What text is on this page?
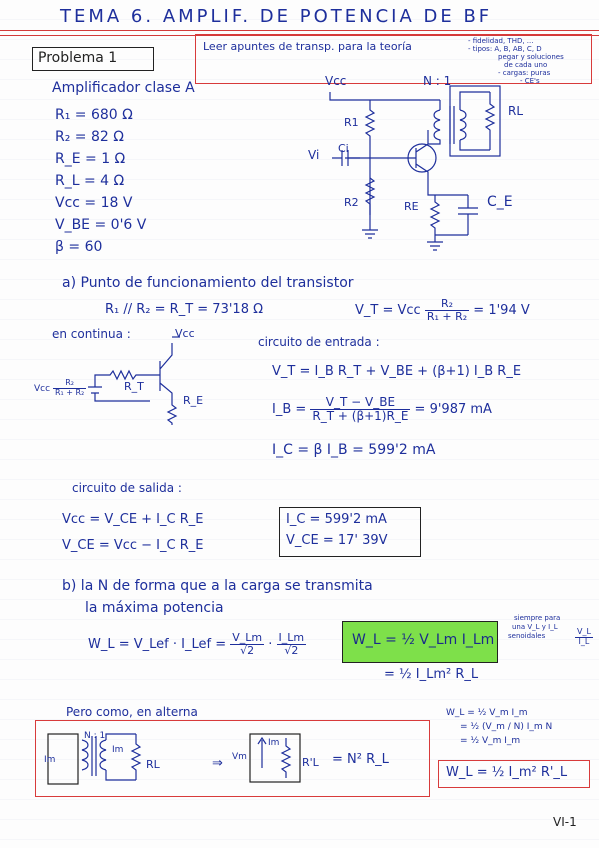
TEMA 6. AMPLIF. DE POTENCIA DE BF
Leer apuntes de transp. para la teoría	- fidelidad, THD, ...
- tipos: A, B, AB, C, D
pegar y soluciones
de cada uno
- cargas: puras
- CE's
Problema 1
Amplificador clase A
R₁ = 680 Ω
R₂ = 82 Ω
R_E = 1 Ω
R_L = 4 Ω
Vcc = 18 V
V_BE = 0'6 V
β = 60
Vcc	N : 1
R1
RL
Vi Ci
R2	RE	C_E
a) Punto de funcionamiento del transistor
R₁ // R₂ = R_T = 73'18 Ω	V_T = Vcc $\frac{\text{R₂}}{\text{R₁ + R₂}} = 1'94$ V
en continua :	Vcc
Vcc $\frac{\text{R₂}}{\text{R₁ + R₂}}$	R_T
R_E
circuito de entrada :
V_T = I_B R_T + V_BE + (β+1) I_B R_E
I_B = $\frac{V\_T - V\_BE}{R\_T + (\beta+1)R\_E} = 9'987$ mA
I_C = β I_B = 599'2 mA
circuito de salida :
Vcc = V_CE + I_C R_E
V_CE = Vcc − I_C R_E
I_C = 599'2 mA
V_CE = 17' 39V
b) la N de forma que a la carga se transmita
la máxima potencia
W_L = V_Lef · I_Lef = $\frac{V\_Lm}{√2} \cdot \frac{I\_Lm}{√2}$	W_L = ½ V_Lm I_Lm
= ½ I_Lm² R_L
siempre para
una V_L y I_L
senoidales	$\frac{V\_L}{I\_L}$
Pero como, en alterna
Im
N : 1
Im
RL	⇒ Vm
Im
R'L = N² R_L
W_L = ½ V_m I_m
= ½ (V_m / N) I_m N
= ½ V_m I_m
W_L = ½ I_m² R'_L
VI-1
